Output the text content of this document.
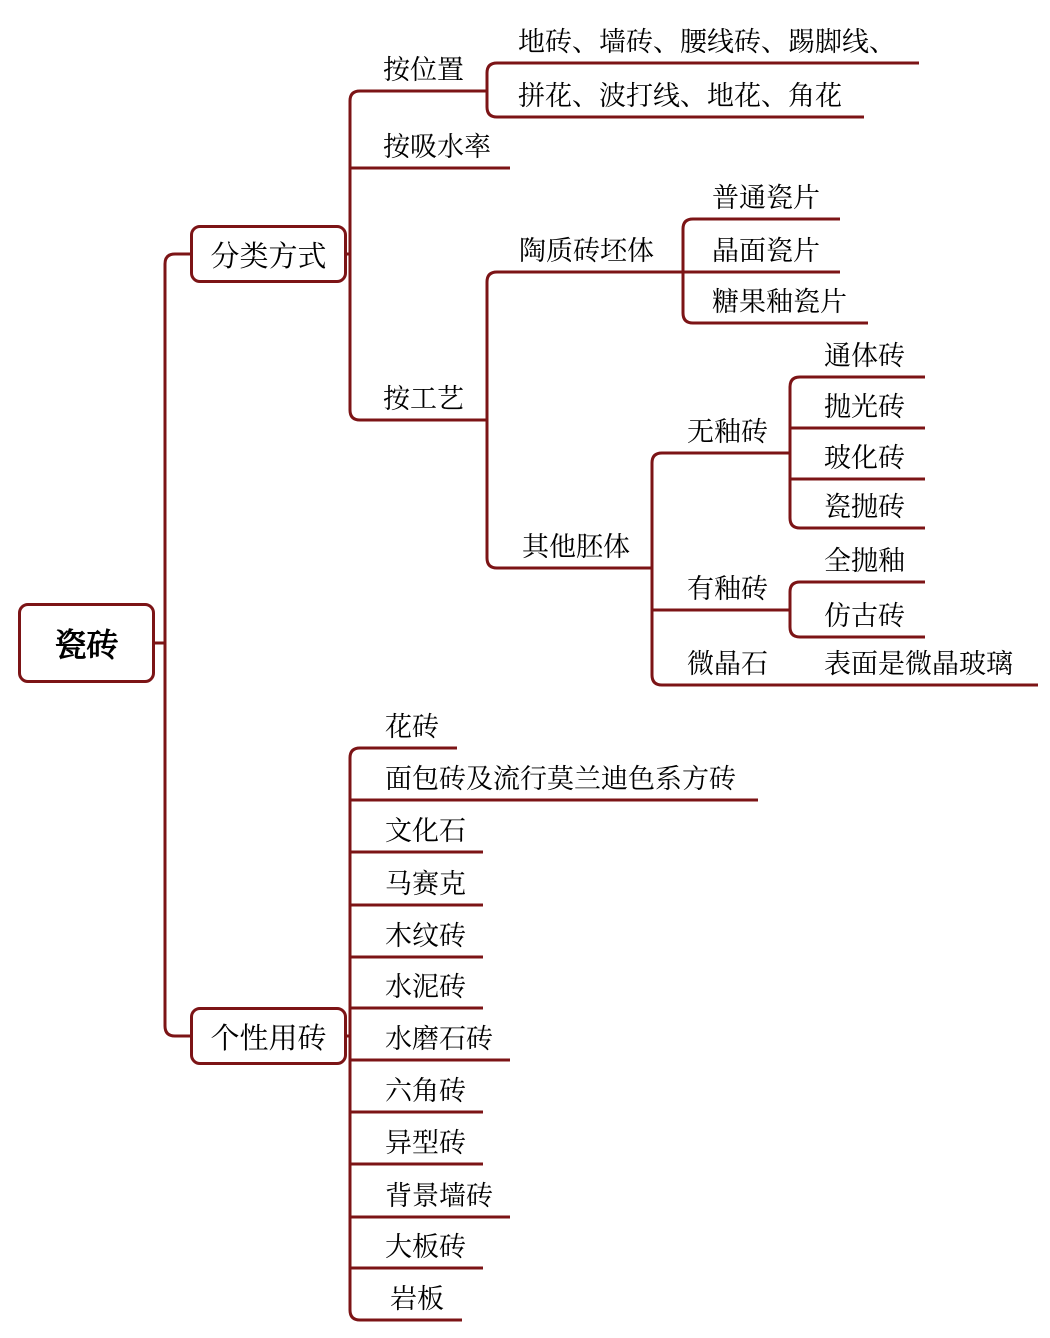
瓷砖
分类方式
个性用砖
按位置
地砖、墙砖、腰线砖、踢脚线、
拼花、波打线、地花、角花
按吸水率
按工艺
陶质砖坯体
普通瓷片
晶面瓷片
糖果釉瓷片
其他胚体
无釉砖
通体砖
抛光砖
玻化砖
瓷抛砖
有釉砖
全抛釉
仿古砖
微晶石 表面是微晶玻璃
花砖
面包砖及流行莫兰迪色系方砖
文化石
马赛克
木纹砖
水泥砖
水磨石砖
六角砖
异型砖
背景墙砖
大板砖
岩板
